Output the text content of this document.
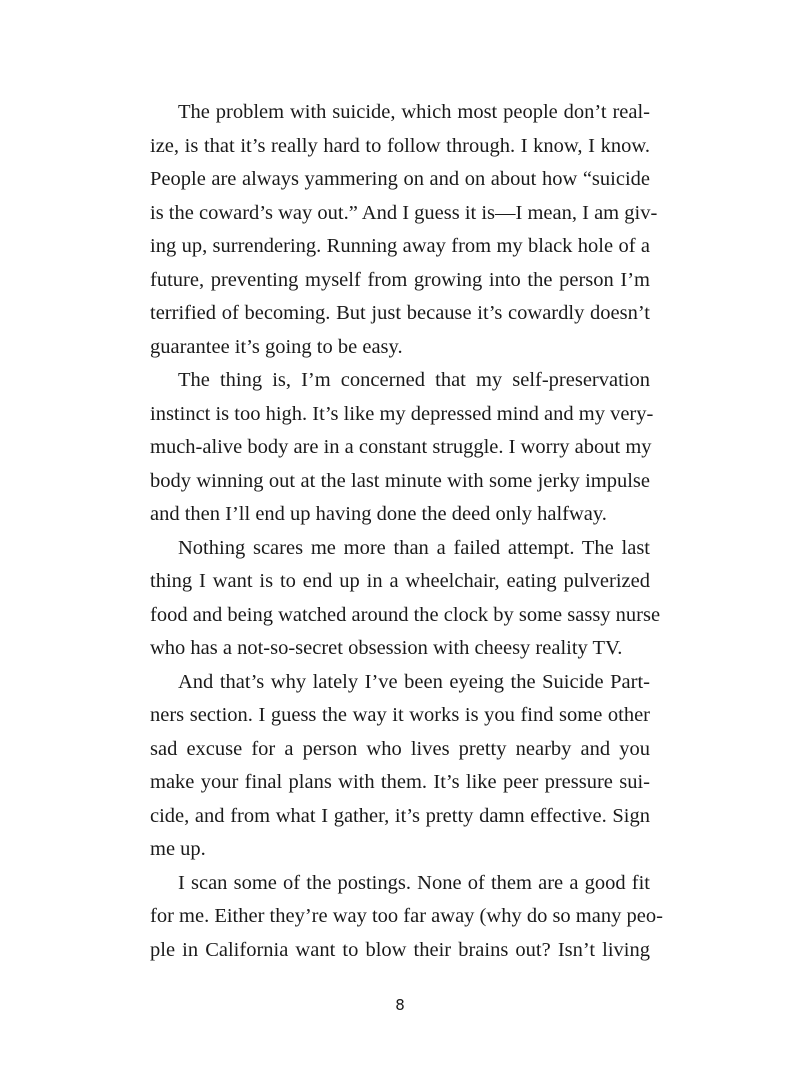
The problem with suicide, which most people don’t real-
ize, is that it’s really hard to follow through. I know, I know.
People are always yammering on and on about how “suicide
is the coward’s way out.” And I guess it is—I mean, I am giv-
ing up, surrendering. Running away from my black hole of a
future, preventing myself from growing into the person I’m
terrified of becoming. But just because it’s cowardly doesn’t
guarantee it’s going to be easy.
The thing is, I’m concerned that my self-preservation
instinct is too high. It’s like my depressed mind and my very-
much-alive body are in a constant struggle. I worry about my
body winning out at the last minute with some jerky impulse
and then I’ll end up having done the deed only halfway.
Nothing scares me more than a failed attempt. The last
thing I want is to end up in a wheelchair, eating pulverized
food and being watched around the clock by some sassy nurse
who has a not-so-secret obsession with cheesy reality TV.
And that’s why lately I’ve been eyeing the Suicide Part-
ners section. I guess the way it works is you find some other
sad excuse for a person who lives pretty nearby and you
make your final plans with them. It’s like peer pressure sui-
cide, and from what I gather, it’s pretty damn effective. Sign
me up.
I scan some of the postings. None of them are a good fit
for me. Either they’re way too far away (why do so many peo-
ple in California want to blow their brains out? Isn’t living
8
